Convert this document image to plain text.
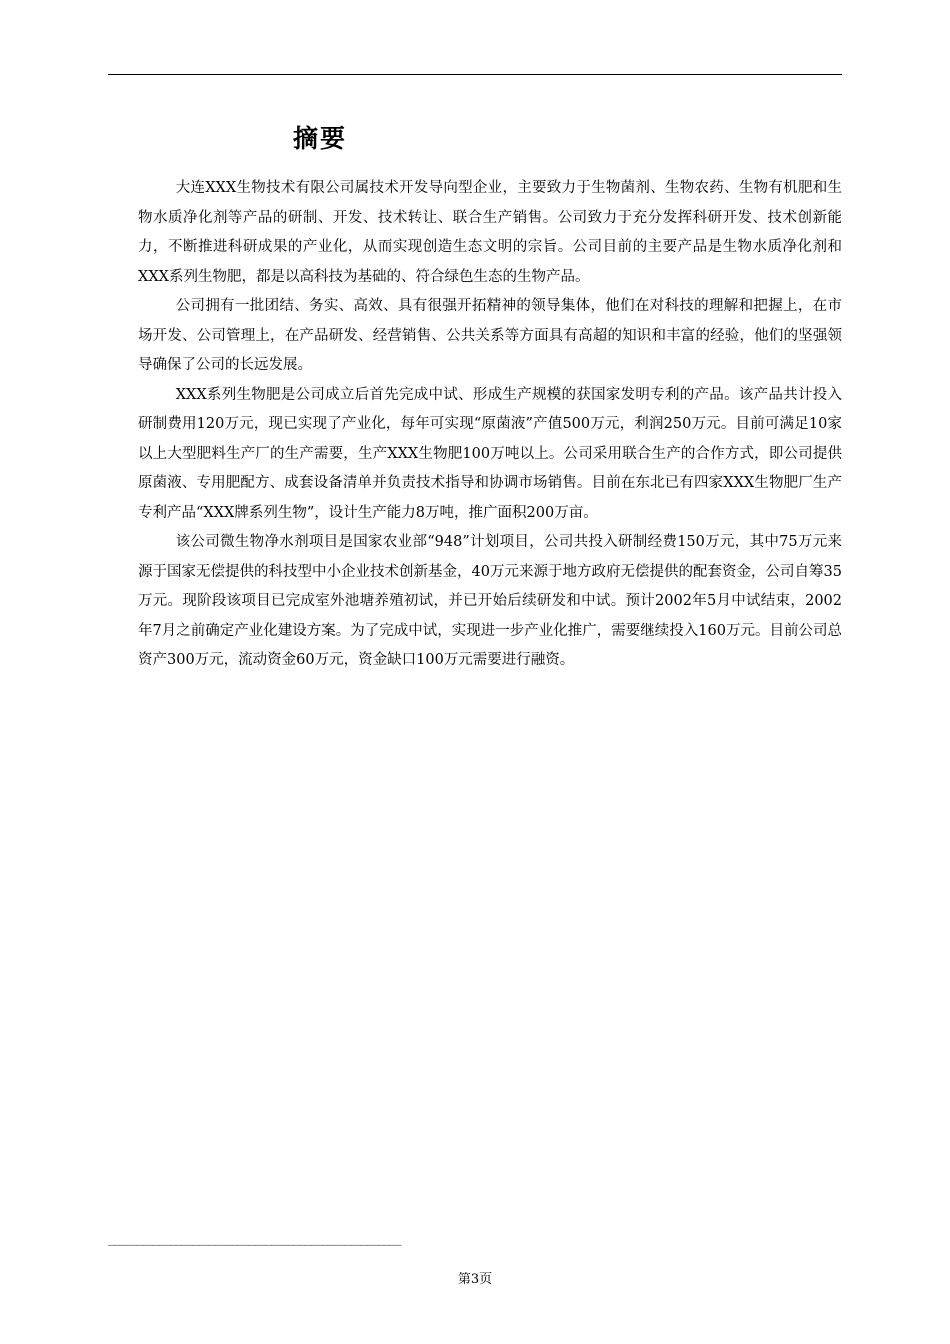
摘要

大连XXX生物技术有限公司属技术开发导向型企业，主要致力于生物菌剂、生物农药、生物有机肥和生物水质净化剂等产品的研制、开发、技术转让、联合生产销售。公司致力于充分发挥科研开发、技术创新能力，不断推进科研成果的产业化，从而实现创造生态文明的宗旨。公司目前的主要产品是生物水质净化剂和XXX系列生物肥，都是以高科技为基础的、符合绿色生态的生物产品。

公司拥有一批团结、务实、高效、具有很强开拓精神的领导集体，他们在对科技的理解和把握上，在市场开发、公司管理上，在产品研发、经营销售、公共关系等方面具有高超的知识和丰富的经验，他们的坚强领导确保了公司的长远发展。

XXX系列生物肥是公司成立后首先完成中试、形成生产规模的获国家发明专利的产品。该产品共计投入研制费用120万元，现已实现了产业化，每年可实现“原菌液”产值500万元，利润250万元。目前可满足10家以上大型肥料生产厂的生产需要，生产XXX生物肥100万吨以上。公司采用联合生产的合作方式，即公司提供原菌液、专用肥配方、成套设备清单并负责技术指导和协调市场销售。目前在东北已有四家XXX生物肥厂生产专利产品“XXX牌系列生物”，设计生产能力8万吨，推广面积200万亩。

该公司微生物净水剂项目是国家农业部“948”计划项目，公司共投入研制经费150万元，其中75万元来源于国家无偿提供的科技型中小企业技术创新基金，40万元来源于地方政府无偿提供的配套资金，公司自筹35万元。现阶段该项目已完成室外池塘养殖初试，并已开始后续研发和中试。预计2002年5月中试结束，2002年7月之前确定产业化建设方案。为了完成中试，实现进一步产业化推广，需要继续投入160万元。目前公司总资产300万元，流动资金60万元，资金缺口100万元需要进行融资。

————————————————————————————————————————————————————
第3页
